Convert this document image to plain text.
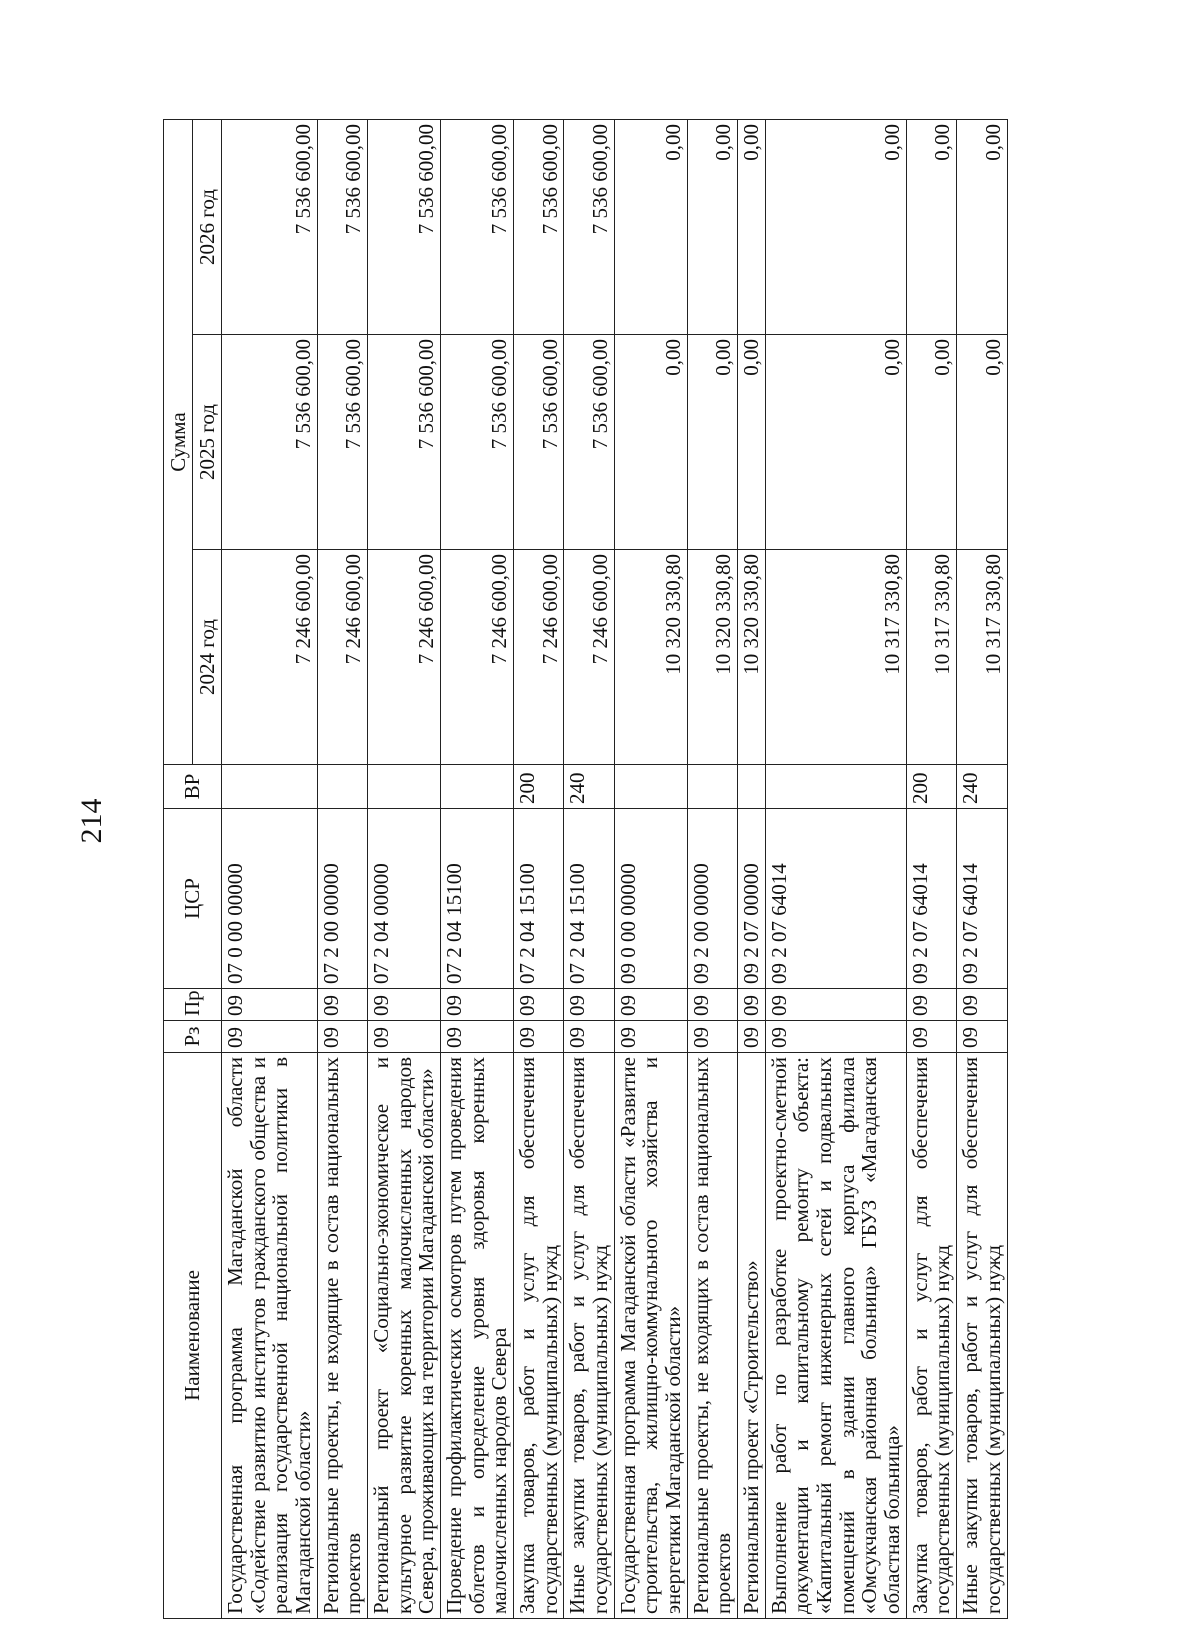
214
Наименование	Рз	Пр	ЦСР	ВР	Сумма		
					2024 год	2025 год	2026 год
Государственная программа Магаданской области «Содействие развитию институтов гражданского общества и реализация государственной национальной политики в Магаданской области»	09	09	07 0 00 00000		7 246 600,00	7 536 600,00	7 536 600,00
Региональные проекты, не входящие в состав национальных проектов	09	09	07 2 00 00000		7 246 600,00	7 536 600,00	7 536 600,00
Региональный проект «Социально-экономическое и культурное развитие коренных малочисленных народов Севера, проживающих на территории Магаданской области»	09	09	07 2 04 00000		7 246 600,00	7 536 600,00	7 536 600,00
Проведение профилактических осмотров путем проведения облетов и определение уровня здоровья коренных малочисленных народов Севера	09	09	07 2 04 15100		7 246 600,00	7 536 600,00	7 536 600,00
Закупка товаров, работ и услуг для обеспечения государственных (муниципальных) нужд	09	09	07 2 04 15100	200	7 246 600,00	7 536 600,00	7 536 600,00
Иные закупки товаров, работ и услуг для обеспечения государственных (муниципальных) нужд	09	09	07 2 04 15100	240	7 246 600,00	7 536 600,00	7 536 600,00
Государственная программа Магаданской области «Развитие строительства, жилищно-коммунального хозяйства и энергетики Магаданской области»	09	09	09 0 00 00000		10 320 330,80	0,00	0,00
Региональные проекты, не входящих в состав национальных проектов	09	09	09 2 00 00000		10 320 330,80	0,00	0,00
Региональный проект «Строительство»	09	09	09 2 07 00000		10 320 330,80	0,00	0,00
Выполнение работ по разработке проектно-сметной документации и капитальному ремонту объекта: «Капитальный ремонт инженерных сетей и подвальных помещений в здании главного корпуса филиала «Омсукчанская районная больница» ГБУЗ «Магаданская областная больница»	09	09	09 2 07 64014		10 317 330,80	0,00	0,00
Закупка товаров, работ и услуг для обеспечения государственных (муниципальных) нужд	09	09	09 2 07 64014	200	10 317 330,80	0,00	0,00
Иные закупки товаров, работ и услуг для обеспечения государственных (муниципальных) нужд	09	09	09 2 07 64014	240	10 317 330,80	0,00	0,00
